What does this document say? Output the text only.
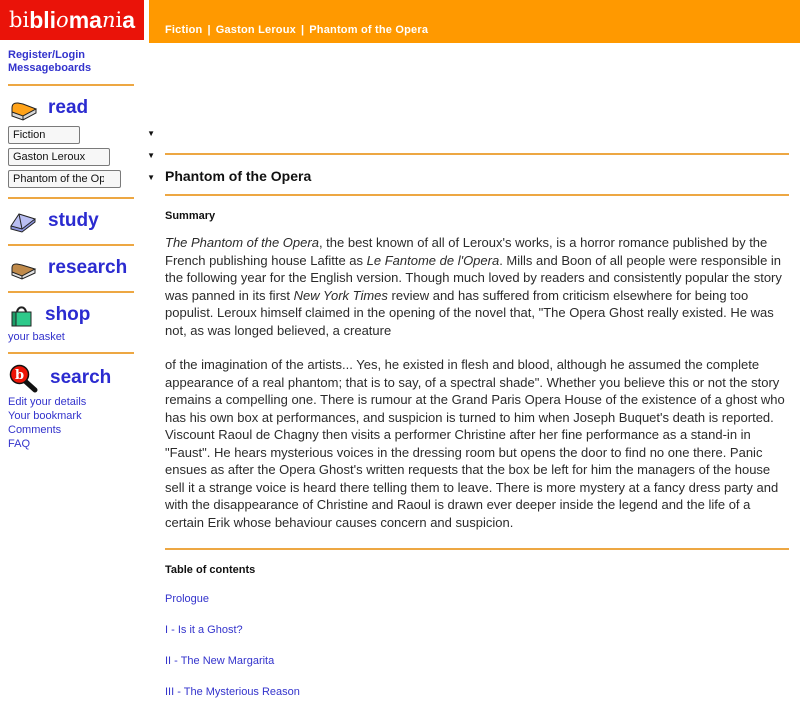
bi bli o ma n i a	Fiction | Gaston Leroux | Phantom of the Opera
Register/Login
Messageboards
read
Fiction
▼
Gaston Leroux
▼
Phantom of the Opera
▼
study
research
shop
your basket
b search
Edit your details
Your bookmark
Comments
FAQ
Phantom of the Opera
Summary

The Phantom of the Opera, the best known of all of Leroux's works, is a horror romance published by the French publishing house Lafitte as Le Fantome de l'Opera. Mills and Boon of all people were responsible in the following year for the English version. Though much loved by readers and consistently popular the story was panned in its first New York Times review and has suffered from criticism elsewhere for being too populist. Leroux himself claimed in the opening of the novel that, "The Opera Ghost really existed. He was not, as was longed believed, a creature

of the imagination of the artists... Yes, he existed in flesh and blood, although he assumed the complete appearance of a real phantom; that is to say, of a spectral shade". Whether you believe this or not the story remains a compelling one. There is rumour at the Grand Paris Opera House of the existence of a ghost who has his own box at performances, and suspicion is turned to him when Joseph Buquet's death is reported. Viscount Raoul de Chagny then visits a performer Christine after her fine performance as a stand-in in "Faust". He hears mysterious voices in the dressing room but opens the door to find no one there. Panic ensues as after the Opera Ghost's written requests that the box be left for him the managers of the house sell it a strange voice is heard there telling them to leave. There is more mystery at a fancy dress party and with the disappearance of Christine and Raoul is drawn ever deeper inside the legend and the life of a certain Erik whose behaviour causes concern and suspicion.

Table of contents
Prologue
I - Is it a Ghost?
II - The New Margarita
III - The Mysterious Reason
